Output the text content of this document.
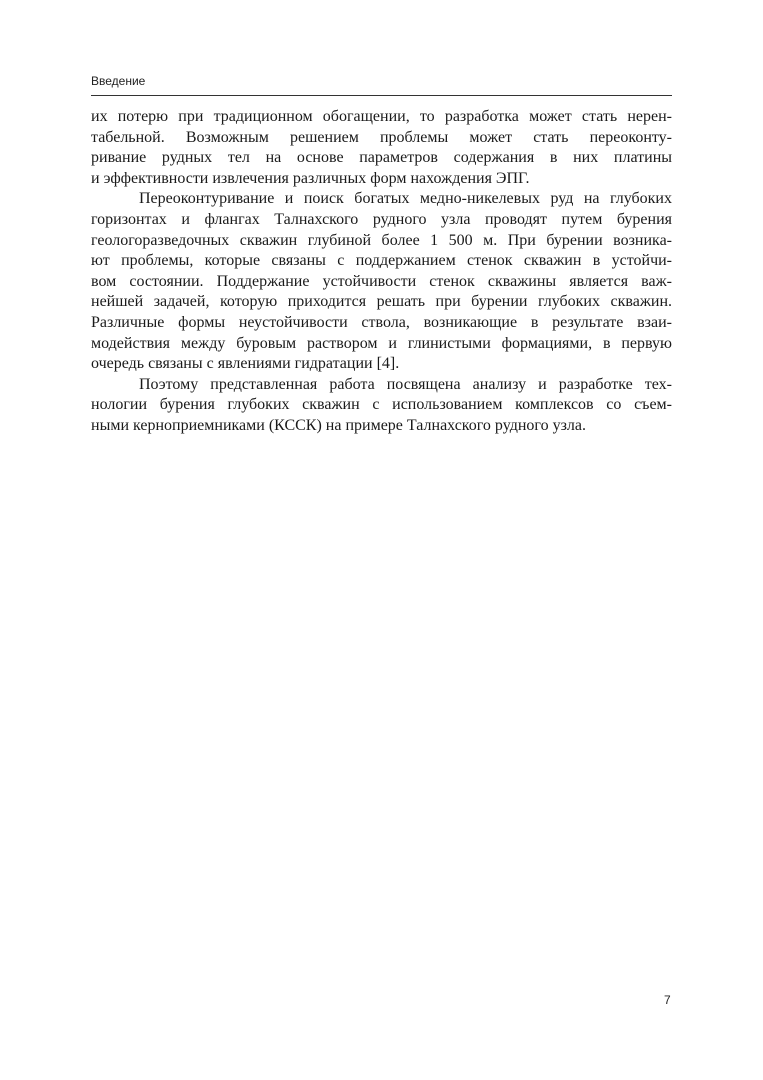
Введение
их потерю при традиционном обогащении, то разработка может стать нерен-
табельной. Возможным решением проблемы может стать переоконту-
ривание рудных тел на основе параметров содержания в них платины
и эффективности извлечения различных форм нахождения ЭПГ.
Переоконтуривание и поиск богатых медно-никелевых руд на глубоких
горизонтах и флангах Талнахского рудного узла проводят путем бурения
геологоразведочных скважин глубиной более 1 500 м. При бурении возника-
ют проблемы, которые связаны с поддержанием стенок скважин в устойчи-
вом состоянии. Поддержание устойчивости стенок скважины является важ-
нейшей задачей, которую приходится решать при бурении глубоких скважин.
Различные формы неустойчивости ствола, возникающие в результате взаи-
модействия между буровым раствором и глинистыми формациями, в первую
очередь связаны с явлениями гидратации [4].
Поэтому представленная работа посвящена анализу и разработке тех-
нологии бурения глубоких скважин с использованием комплексов со съем-
ными керноприемниками (КССК) на примере Талнахского рудного узла.
7
